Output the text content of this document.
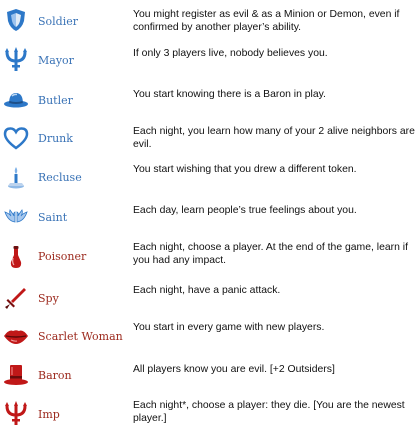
Soldier
You might register as evil & as a Minion or Demon, even if confirmed by another player’s ability.
Mayor
If only 3 players live, nobody believes you.
Butler	You start knowing there is a Baron in play.
Drunk
Each night, you learn how many of your 2 alive neighbors are evil.
Recluse
You start wishing that you drew a different token.
Saint
Each day, learn people’s true feelings about you.
Poisoner
Each night, choose a player. At the end of the game, learn if you had any impact.
Spy
Each night, have a panic attack.
Scarlet Woman
You start in every game with new players.
Baron	All players know you are evil. [+2 Outsiders]
Imp
Each night*, choose a player: they die. [You are the newest player.]
